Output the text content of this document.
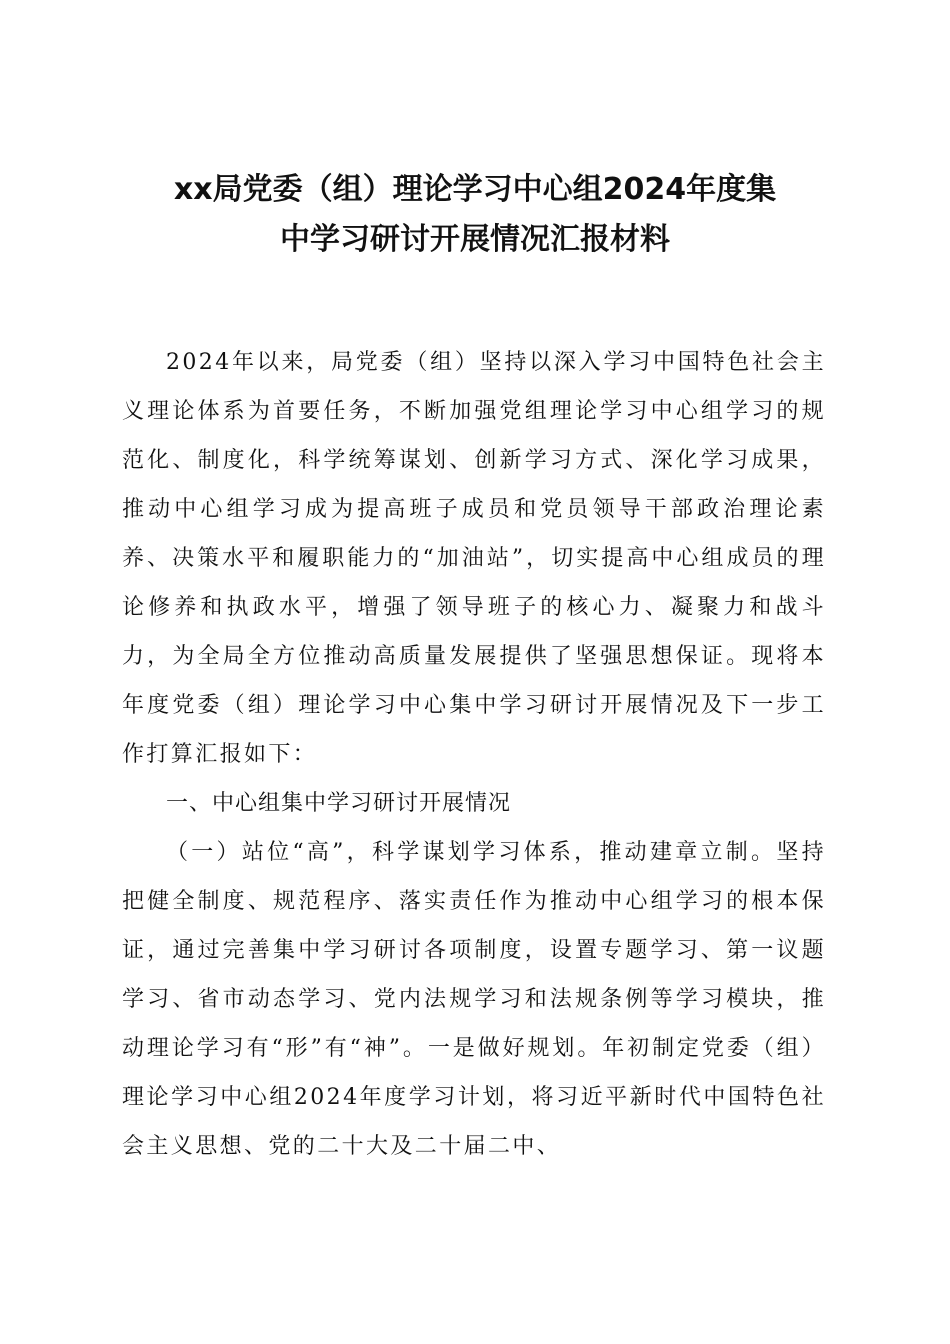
xx局党委（组）理论学习中心组2024年度集
中学习研讨开展情况汇报材料

2024年以来，局党委（组）坚持以深入学习中国特色社会主义理论体系为首要任务，不断加强党组理论学习中心组学习的规范化、制度化，科学统筹谋划、创新学习方式、深化学习成果，推动中心组学习成为提高班子成员和党员领导干部政治理论素养、决策水平和履职能力的“加油站”，切实提高中心组成员的理论修养和执政水平，增强了领导班子的核心力、凝聚力和战斗力，为全局全方位推动高质量发展提供了坚强思想保证。现将本年度党委（组）理论学习中心集中学习研讨开展情况及下一步工作打算汇报如下：

一、中心组集中学习研讨开展情况

（一）站位“高”，科学谋划学习体系，推动建章立制。坚持把健全制度、规范程序、落实责任作为推动中心组学习的根本保证，通过完善集中学习研讨各项制度，设置专题学习、第一议题学习、省市动态学习、党内法规学习和法规条例等学习模块，推动理论学习有“形”有“神”。一是做好规划。年初制定党委（组）理论学习中心组2024年度学习计划，将习近平新时代中国特色社会主义思想、党的二十大及二十届二中、
